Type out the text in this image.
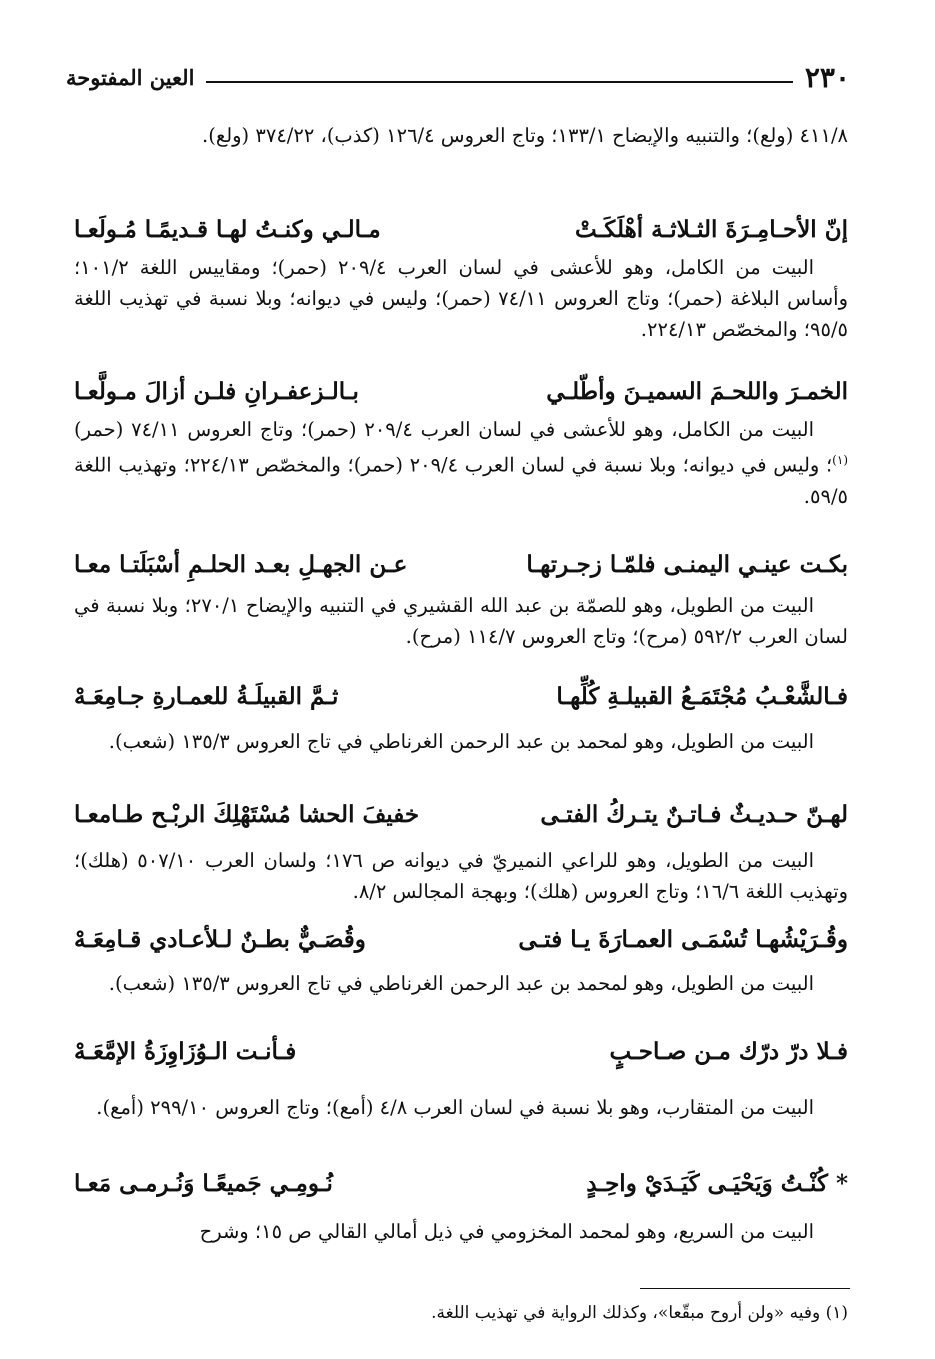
٢٣٠
العين المفتوحة
٤١١/٨ (ولع)؛ والتنبيه والإيضاح ١٣٣/١؛ وتاج العروس ١٢٦/٤ (كذب)، ٣٧٤/٢٢ (ولع).
إنّ الأحـامِـرَةَ الثـلاثـة أهْلَكَـتْ
مـالـي وكنـتُ لهـا قـديمًـا مُـولَعـا
البيت من الكامل، وهو للأعشى في لسان العرب ٢٠٩/٤ (حمر)؛ ومقاييس اللغة ١٠١/٢؛ وأساس البلاغة (حمر)؛ وتاج العروس ٧٤/١١ (حمر)؛ وليس في ديوانه؛ وبلا نسبة في تهذيب اللغة ٩٥/٥؛ والمخصّص ٢٢٤/١٣.
الخمـرَ واللحـمَ السميـنَ وأطّلـي
بـالـزعفـرانِ فلـن أزالَ مـولَّعـا
البيت من الكامل، وهو للأعشى في لسان العرب ٢٠٩/٤ (حمر)؛ وتاج العروس ٧٤/١١ (حمر)$^{(١)}$؛ وليس في ديوانه؛ وبلا نسبة في لسان العرب ٢٠٩/٤ (حمر)؛ والمخصّص ٢٢٤/١٣؛ وتهذيب اللغة ٥٩/٥.
بكـت عينـي اليمنـى فلمّـا زجـرتهـا
عـن الجهـلِ بعـد الحلـمِ أسْبَلَتـا معـا
البيت من الطويل، وهو للصمّة بن عبد الله القشيري في التنبيه والإيضاح ٢٧٠/١؛ وبلا نسبة في لسان العرب ٥٩٢/٢ (مرح)؛ وتاج العروس ١١٤/٧ (مرح).
فـالشَّعْـبُ مُجْتَمَـعُ القبيلـةِ كُلِّهـا
ثـمَّ القبيلَـةُ للعمـارةِ جـامِعَـهْ
البيت من الطويل، وهو لمحمد بن عبد الرحمن الغرناطي في تاج العروس ١٣٥/٣ (شعب).
لهـنّ حـديـثٌ فـاتـنٌ يتـركُ الفتـى
خفيفَ الحشا مُسْتَهْلِكَ الربْـح طـامعـا
البيت من الطويل، وهو للراعي النميريّ في ديوانه ص ١٧٦؛ ولسان العرب ٥٠٧/١٠ (هلك)؛ وتهذيب اللغة ١٦/٦؛ وتاج العروس (هلك)؛ وبهجة المجالس ٨/٢.
وقُـرَيْشُهـا تُسْمَـى العمـارَةَ يـا فتـى
وقُصَـيٌّ بطـنٌ لـلأعـادي قـامِعَـهْ
البيت من الطويل، وهو لمحمد بن عبد الرحمن الغرناطي في تاج العروس ١٣٥/٣ (شعب).
فـلا درّ درّك مـن صـاحـبٍ
فـأنـت الـوُزَاوِزَةُ الإمَّعَـهْ
البيت من المتقارب، وهو بلا نسبة في لسان العرب ٤/٨ (أمع)؛ وتاج العروس ٢٩٩/١٠ (أمع).
* كُنْـتُ وَيَحْيَـى كَيَـدَيْ واحِـدٍ
نُـومِـي جَميعًـا وَنُـرمـى مَعـا
البيت من السريع، وهو لمحمد المخزومي في ذيل أمالي القالي ص ١٥؛ وشرح
(١) وفيه «ولن أروح مبقّعا»، وكذلك الرواية في تهذيب اللغة.
